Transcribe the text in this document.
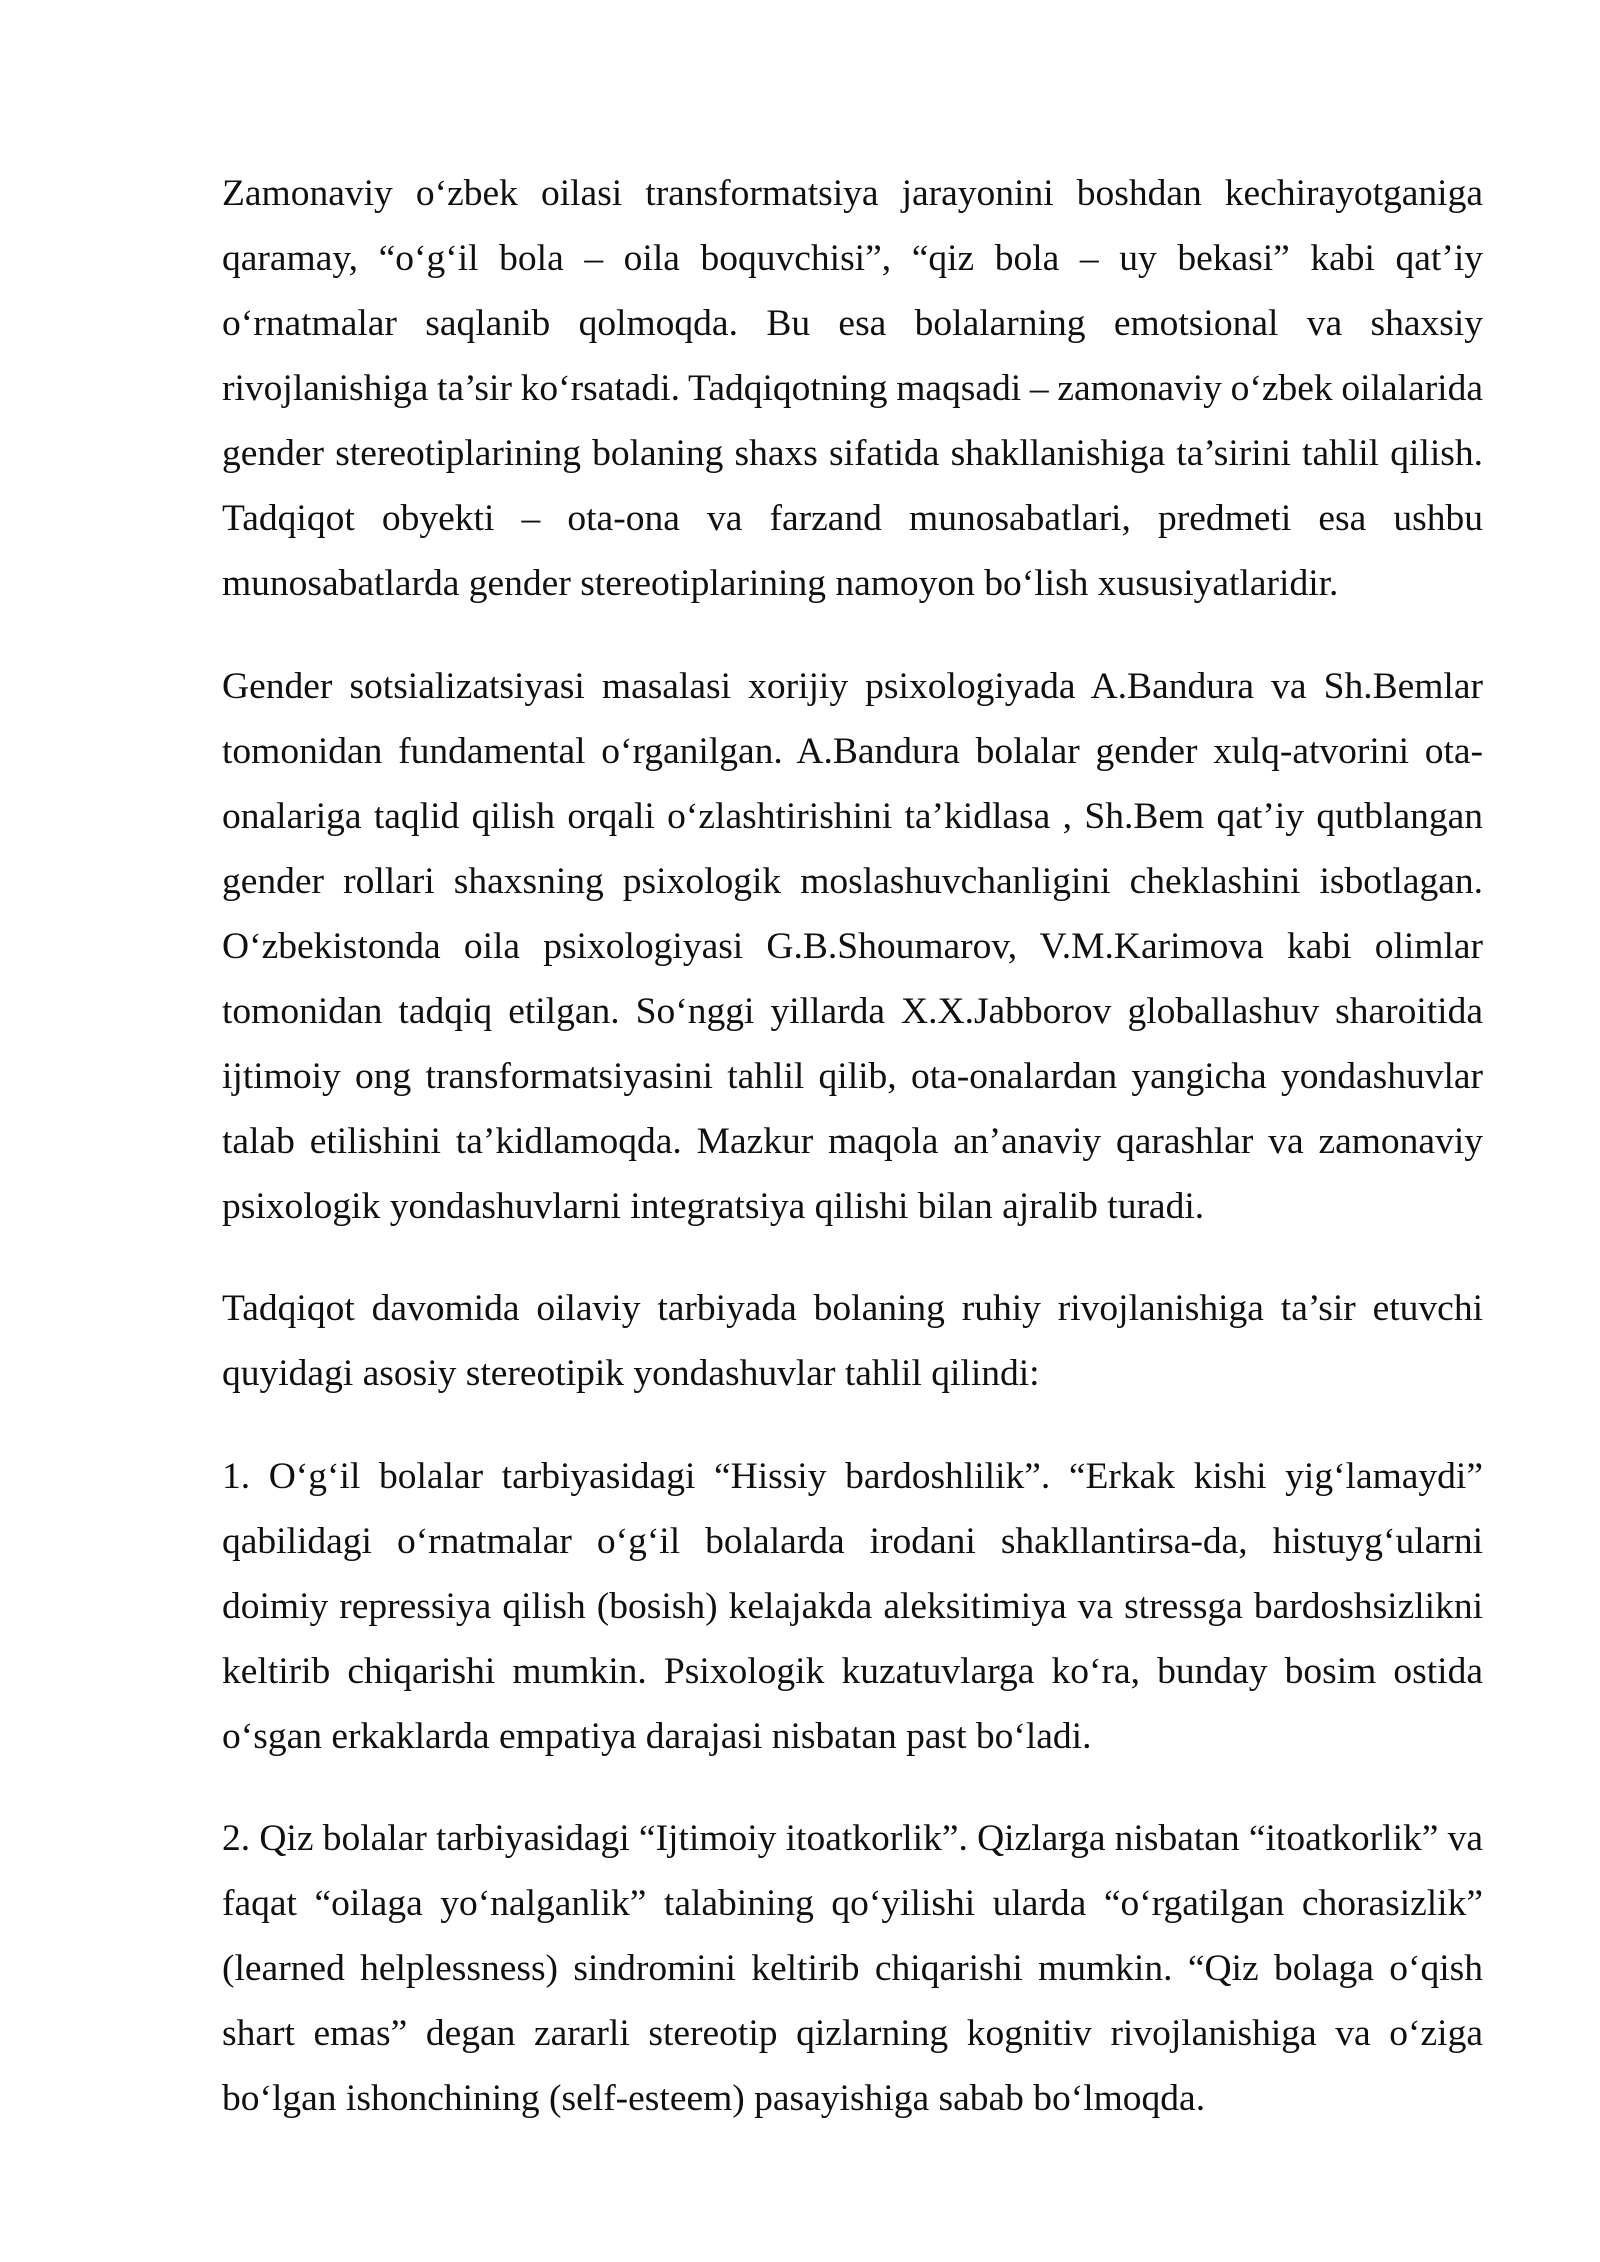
Zamonaviy o‘zbek oilasi transformatsiya jarayonini boshdan kechirayotganiga
qaramay, “o‘g‘il bola – oila boquvchisi”, “qiz bola – uy bekasi” kabi qat’iy
o‘rnatmalar saqlanib qolmoqda. Bu esa bolalarning emotsional va shaxsiy
rivojlanishiga ta’sir ko‘rsatadi. Tadqiqotning maqsadi – zamonaviy o‘zbek oilalarida
gender stereotiplarining bolaning shaxs sifatida shakllanishiga ta’sirini tahlil qilish.
Tadqiqot obyekti – ota-ona va farzand munosabatlari, predmeti esa ushbu
munosabatlarda gender stereotiplarining namoyon bo‘lish xususiyatlaridir.

Gender sotsializatsiyasi masalasi xorijiy psixologiyada A.Bandura va Sh.Bemlar
tomonidan fundamental o‘rganilgan. A.Bandura bolalar gender xulq-atvorini ota-
onalariga taqlid qilish orqali o‘zlashtirishini ta’kidlasa , Sh.Bem qat’iy qutblangan
gender rollari shaxsning psixologik moslashuvchanligini cheklashini isbotlagan.
O‘zbekistonda oila psixologiyasi G.B.Shoumarov, V.M.Karimova kabi olimlar
tomonidan tadqiq etilgan. So‘nggi yillarda X.X.Jabborov globallashuv sharoitida
ijtimoiy ong transformatsiyasini tahlil qilib, ota-onalardan yangicha yondashuvlar
talab etilishini ta’kidlamoqda. Mazkur maqola an’anaviy qarashlar va zamonaviy
psixologik yondashuvlarni integratsiya qilishi bilan ajralib turadi.

Tadqiqot davomida oilaviy tarbiyada bolaning ruhiy rivojlanishiga ta’sir etuvchi
quyidagi asosiy stereotipik yondashuvlar tahlil qilindi:

1. O‘g‘il bolalar tarbiyasidagi “Hissiy bardoshlilik”. “Erkak kishi yig‘lamaydi”
qabilidagi o‘rnatmalar o‘g‘il bolalarda irodani shakllantirsa-da, histuyg‘ularni
doimiy repressiya qilish (bosish) kelajakda aleksitimiya va stressga bardoshsizlikni
keltirib chiqarishi mumkin. Psixologik kuzatuvlarga ko‘ra, bunday bosim ostida
o‘sgan erkaklarda empatiya darajasi nisbatan past bo‘ladi.

2. Qiz bolalar tarbiyasidagi “Ijtimoiy itoatkorlik”. Qizlarga nisbatan “itoatkorlik” va
faqat “oilaga yo‘nalganlik” talabining qo‘yilishi ularda “o‘rgatilgan chorasizlik”
(learned helplessness) sindromini keltirib chiqarishi mumkin. “Qiz bolaga o‘qish
shart emas” degan zararli stereotip qizlarning kognitiv rivojlanishiga va o‘ziga
bo‘lgan ishonchining (self-esteem) pasayishiga sabab bo‘lmoqda.
